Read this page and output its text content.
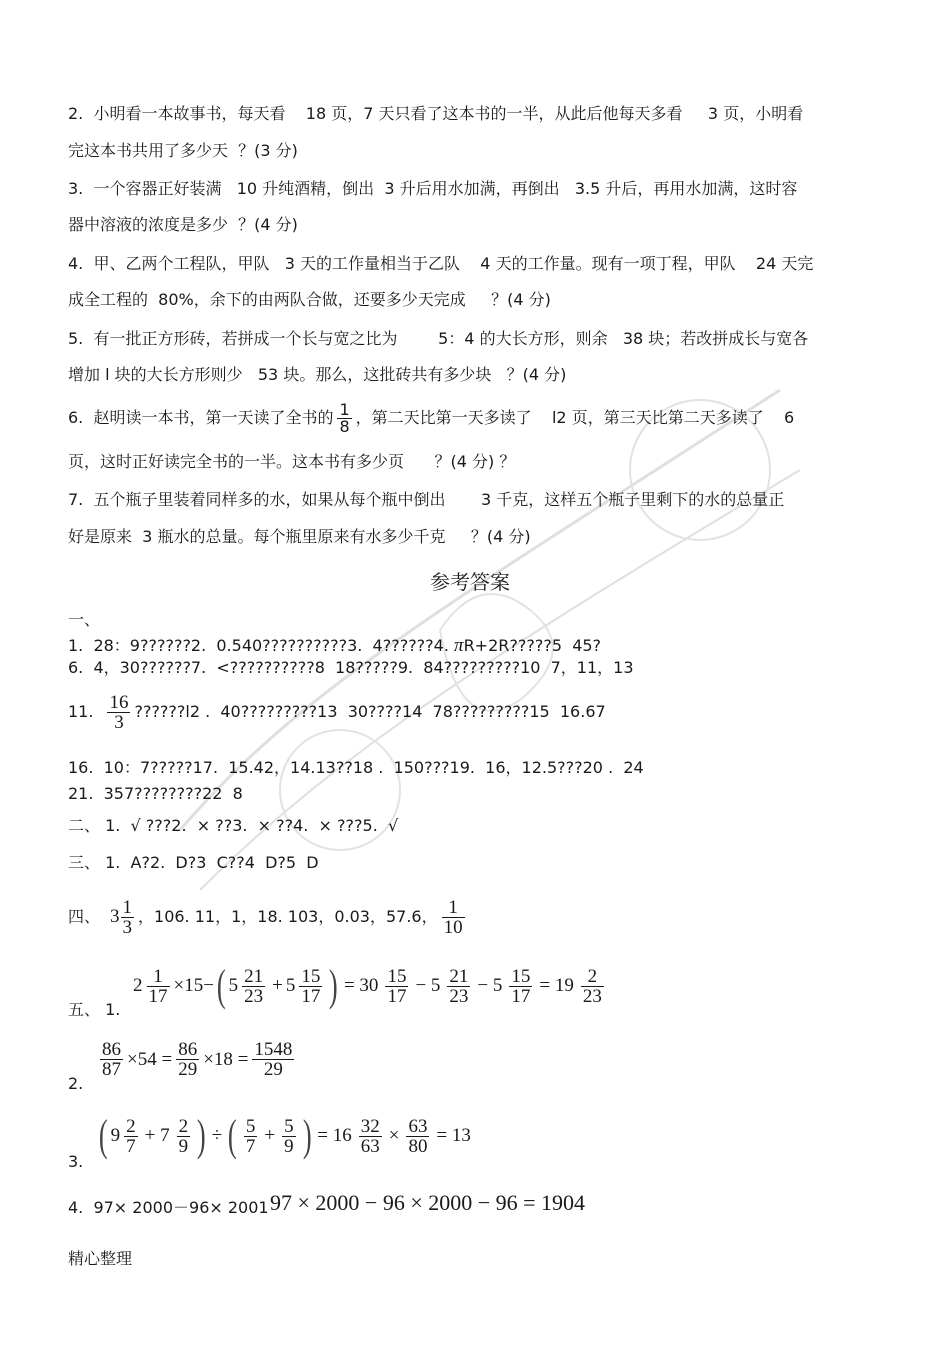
2.  小明看一本故事书，每天看    18 页，7 天只看了这本书的一半，从此后他每天多看     3 页，小明看
完这本书共用了多少天  ？(3 分)
3.  一个容器正好装满   10 升纯酒精，倒出  3 升后用水加满，再倒出   3.5 升后，再用水加满，这时容
器中溶液的浓度是多少  ？(4 分)
4.  甲、乙两个工程队，甲队   3 天的工作量相当于乙队    4 天的工作量。现有一项丁程，甲队    24 天完
成全工程的  80%，余下的由两队合做，还要多少天完成     ？(4 分)
5.  有一批正方形砖，若拼成一个长与宽之比为        5：4 的大长方形，则余   38 块；若改拼成长与宽各
增加 l 块的大长方形则少   53 块。那么，这批砖共有多少块   ？(4 分)
6.  赵明读一本书，第一天读了全书的 $\frac{1}{8}$ ，第二天比第一天多读了    l2 页，第三天比第二天多读了    6
页，这时正好读完全书的一半。这本书有多少页      ？(4 分) ？
7.  五个瓶子里装着同样多的水，如果从每个瓶中倒出       3 千克，这样五个瓶子里剩下的水的总量正
好是原来  3 瓶水的总量。每个瓶里原来有水多少千克     ？(4 分)
参考答案
一、
1.  28：9??????2.  0.540??????????3.  4??????4. πR+2R?????5  45?
6.  4，30??????7.  <??????????8  18?????9.  84?????????10  7，11，13
11. $\frac{16}{3}$ ??????l2 .  40?????????13  30????14  78?????????15  16.67
16.  10：7?????17.  15.42，14.13??18 .  150???19.  16，12.5???20 .  24
21.  357????????22  8
二、 1.  √ ???2.  × ??3.  × ??4.  × ???5.  √
三、 1.  A?2.  D?3  C??4  D?5  D
四、 $3 \frac{1}{3}$ ，106. 11，1，18. 103，0.03，57.6， $\frac{1}{10}$
五、 1.
$2 \frac{1}{17} \times 15-$ ( $5 \frac{21}{23} + 5 \frac{15}{17}$ ) = $30 \frac{15}{17} - 5 \frac{21}{23} - 5 \frac{15}{17} = 19 \frac{2}{23}$
2.
$\frac{86}{87} \times 54 = \frac{86}{29} \times 18 = \frac{1548}{29}$
3.
( $9 \frac{2}{7} + 7 \frac{2}{9}$ ) ÷ ( $\frac{5}{7} + \frac{5}{9}$ ) = $16 \frac{32}{63} \times \frac{63}{80} = 13$
4.  97× 2000－96× 2001 97 × 2000 − 96 × 2000 − 96 = 1904
精心整理
